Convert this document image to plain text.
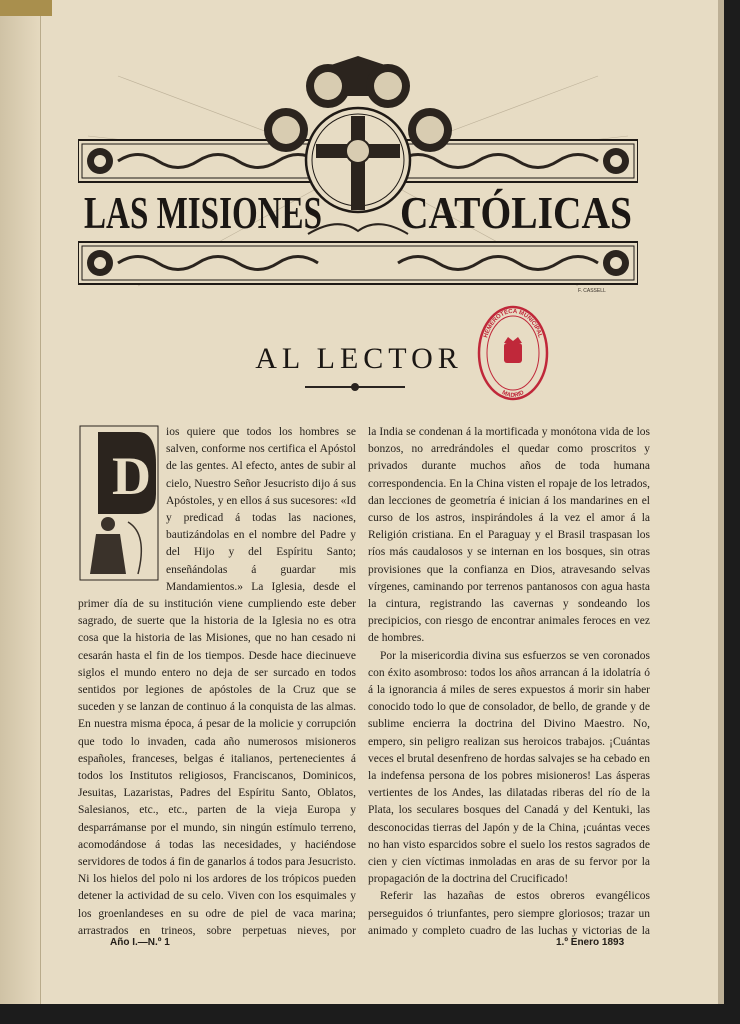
LAS MISIONES CATÓLICAS
F. CASSELL
AL LECTOR
HEMEROTECA MUNICIPAL
MADRID
D

ios quiere que todos los hombres se salven, conforme nos certifica el Apóstol de las gentes. Al efecto, antes de subir al cielo, Nuestro Señor Jesucristo dijo á sus Apóstoles, y en ellos á sus sucesores: «Id y predicad á todas las naciones, bautizándolas en el nombre del Padre y del Hijo y del Espíritu Santo; enseñándolas á guardar mis Mandamientos.» La Iglesia, desde el primer día de su institución viene cumpliendo este deber sagrado, de suerte que la historia de la Iglesia no es otra cosa que la historia de las Misiones, que no han cesado ni cesarán hasta el fin de los tiempos. Desde hace diecinueve siglos el mundo entero no deja de ser surcado en todos sentidos por legiones de apóstoles de la Cruz que se suceden y se lanzan de continuo á la conquista de las almas. En nuestra misma época, á pesar de la molicie y corrupción que todo lo invaden, cada año numerosos misioneros españoles, franceses, belgas é italianos, pertenecientes á todos los Institutos religiosos, Franciscanos, Dominicos, Jesuitas, Lazaristas, Padres del Espíritu Santo, Oblatos, Salesianos, etc., etc., parten de la vieja Europa y desparrámanse por el mundo, sin ningún estímulo terreno, acomodándose á todas las necesidades, y haciéndose servidores de todos á fin de ganarlos á todos para Jesucristo. Ni los hielos del polo ni los ardores de los trópicos pueden detener la actividad de su celo. Viven con los esquimales y los groenlandeses en su odre de piel de vaca marina; arrastrados en trineos, sobre perpetuas nieves, por

la India se condenan á la mortificada y monótona vida de los bonzos, no arredrándoles el quedar como proscritos y privados durante muchos años de toda humana correspondencia. En la China visten el ropaje de los letrados, dan lecciones de geometría é inician á los mandarines en el curso de los astros, inspirándoles á la vez el amor á la Religión cristiana. En el Paraguay y el Brasil traspasan los ríos más caudalosos y se internan en los bosques, sin otras provisiones que la confianza en Dios, atravesando selvas vírgenes, caminando por terrenos pantanosos con agua hasta la cintura, registrando las cavernas y sondeando los precipicios, con riesgo de encontrar animales feroces en vez de hombres.

Por la misericordia divina sus esfuerzos se ven coronados con éxito asombroso: todos los años arrancan á la idolatría ó á la ignorancia á miles de seres expuestos á morir sin haber conocido todo lo que de consolador, de bello, de grande y de sublime encierra la doctrina del Divino Maestro. No, empero, sin peligro realizan sus heroicos trabajos. ¡Cuántas veces el brutal desenfreno de hordas salvajes se ha cebado en la indefensa persona de los pobres misioneros! Las ásperas vertientes de los Andes, las dilatadas riberas del río de la Plata, los seculares bosques del Canadá y del Kentuki, las desconocidas tierras del Japón y de la China, ¡cuántas veces no han visto esparcidos sobre el suelo los restos sagrados de cien y cien víctimas inmoladas en aras de su fervor por la propagación de la doctrina del Crucificado!

Referir las hazañas de estos obreros evangélicos perseguidos ó triunfantes, pero siempre gloriosos; trazar un animado y completo cuadro de las luchas y victorias de la

Año I.—N.º 1	1.º Enero 1893
